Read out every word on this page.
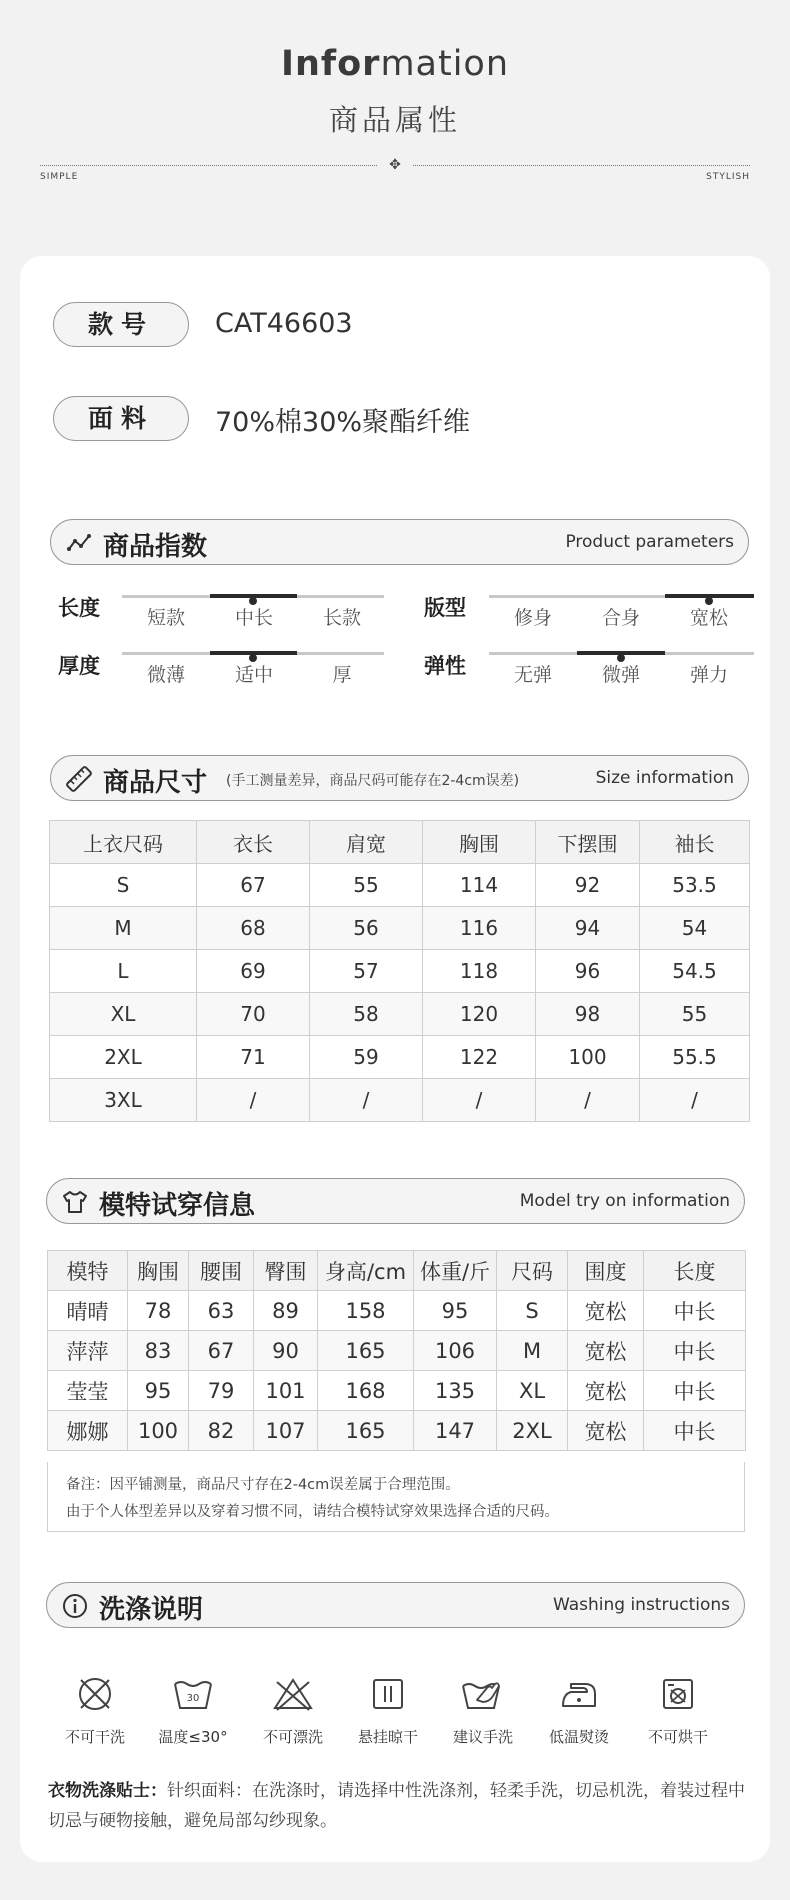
Information
商品属性
✥
SIMPLE	STYLISH
款号	CAT46603
面料	70%棉30%聚酯纤维
商品指数	Product parameters
长度	短款	中长	长款	版型	修身	合身	宽松
厚度	微薄	适中	厚	弹性	无弹	微弹	弹力
商品尺寸 (手工测量差异，商品尺码可能存在2-4cm误差)	Size information
上衣尺码	衣长	肩宽	胸围	下摆围	袖长
S	67	55	114	92	53.5
M	68	56	116	94	54
L	69	57	118	96	54.5
XL	70	58	120	98	55
2XL	71	59	122	100	55.5
3XL	/	/	/	/	/
模特试穿信息	Model try on information
模特	胸围	腰围	臀围	身高/cm	体重/斤	尺码	围度	长度
晴晴	78	63	89	158	95	S	宽松	中长
萍萍	83	67	90	165	106	M	宽松	中长
莹莹	95	79	101	168	135	XL	宽松	中长
娜娜	100	82	107	165	147	2XL	宽松	中长
备注：因平铺测量，商品尺寸存在2-4cm误差属于合理范围。
由于个人体型差异以及穿着习惯不同，请结合模特试穿效果选择合适的尺码。
洗涤说明	Washing instructions
不可干洗
30
温度≤30°	不可漂洗	悬挂晾干	建议手洗	低温熨烫	不可烘干
衣物洗涤贴士：针织面料：在洗涤时，请选择中性洗涤剂，轻柔手洗，切忌机洗，着装过程中切忌与硬物接触，避免局部勾纱现象。
